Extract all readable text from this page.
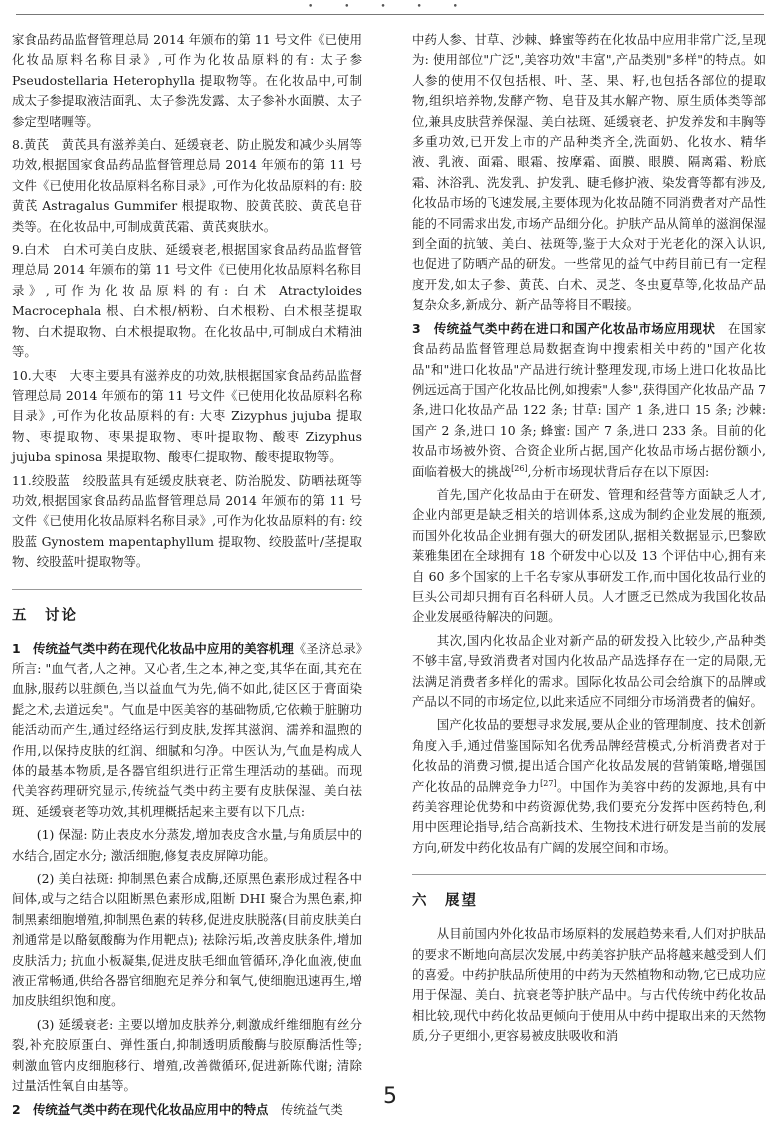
• • • • •

家食品药品监督管理总局 2014 年颁布的第 11 号文件《已使用化妆品原料名称目录》,可作为化妆品原料的有: 太子参 Pseudostellaria Heterophylla 提取物等。在化妆品中,可制成太子参提取液洁面乳、太子参洗发露、太子参补水面膜、太子参定型啫喱等。

8.黄芪　黄芪具有滋养美白、延缓衰老、防止脱发和减少头屑等功效,根据国家食品药品监督管理总局 2014 年颁布的第 11 号文件《已使用化妆品原料名称目录》,可作为化妆品原料的有: 胶黄芪 Astragalus Gummifer 根提取物、胶黄芪胶、黄芪皂苷类等。在化妆品中,可制成黄芪霜、黄芪爽肤水。

9.白术　白术可美白皮肤、延缓衰老,根据国家食品药品监督管理总局 2014 年颁布的第 11 号文件《已使用化妆品原料名称目录》,可作为化妆品原料的有: 白术 Atractyloides Macrocephala 根、白术根/柄粉、白术根粉、白术根茎提取物、白术提取物、白术根提取物。在化妆品中,可制成白术精油等。

10.大枣　大枣主要具有滋养皮的功效,肤根据国家食品药品监督管理总局 2014 年颁布的第 11 号文件《已使用化妆品原料名称目录》,可作为化妆品原料的有: 大枣 Zizyphus jujuba 提取物、枣提取物、枣果提取物、枣叶提取物、酸枣 Zizyphus jujuba spinosa 果提取物、酸枣仁提取物、酸枣提取物等。

11.绞股蓝　绞股蓝具有延缓皮肤衰老、防治脱发、防晒祛斑等功效,根据国家食品药品监督管理总局 2014 年颁布的第 11 号文件《已使用化妆品原料名称目录》,可作为化妆品原料的有: 绞股蓝 Gynostem mapentaphyllum 提取物、绞股蓝叶/茎提取物、绞股蓝叶提取物等。

五　讨论

1　传统益气类中药在现代化妆品中应用的美容机理《圣济总录》所言: "血气者,人之神。又心者,生之本,神之变,其华在面,其充在血脉,服药以驻颜色,当以益血气为先,倘不如此,徒区区于膏面染髭之术,去道远矣"。气血是中医美容的基础物质,它依赖于脏腑功能活动而产生,通过经络运行到皮肤,发挥其滋润、濡养和温煦的作用,以保持皮肤的红润、细腻和匀净。中医认为,气血是构成人体的最基本物质,是各器官组织进行正常生理活动的基础。而现代美容药理研究显示,传统益气类中药主要有皮肤保湿、美白祛斑、延缓衰老等功效,其机理概括起来主要有以下几点:

(1) 保湿: 防止表皮水分蒸发,增加表皮含水量,与角质层中的水结合,固定水分; 激活细胞,修复表皮屏障功能。

(2) 美白祛斑: 抑制黑色素合成酶,还原黑色素形成过程各中间体,或与之结合以阻断黑色素形成,阻断 DHI 聚合为黑色素,抑制黑素细胞增殖,抑制黑色素的转移,促进皮肤脱落(目前皮肤美白剂通常是以酪氨酸酶为作用靶点); 祛除污垢,改善皮肤条件,增加皮肤活力; 抗血小板凝集,促进皮肤毛细血管循环,净化血液,使血液正常畅通,供给各器官细胞充足养分和氧气,使细胞迅速再生,增加皮肤组织饱和度。

(3) 延缓衰老: 主要以增加皮肤养分,刺激成纤维细胞有丝分裂,补充胶原蛋白、弹性蛋白,抑制透明质酸酶与胶原酶活性等; 刺激血管内皮细胞移行、增殖,改善微循环,促进新陈代谢; 清除过量活性氧自由基等。

2　传统益气类中药在现代化妆品应用中的特点　 传统益气类

中药人参、甘草、沙棘、蜂蜜等药在化妆品中应用非常广泛,呈现为: 使用部位"广泛",美容功效"丰富",产品类别"多样"的特点。如人参的使用不仅包括根、叶、茎、果、籽,也包括各部位的提取物,组织培养物,发酵产物、皂苷及其水解产物、原生质体类等部位,兼具皮肤营养保湿、美白祛斑、延缓衰老、护发养发和丰胸等多重功效,已开发上市的产品种类齐全,洗面奶、化妆水、精华液、乳液、面霜、眼霜、按摩霜、面膜、眼膜、隔离霜、粉底霜、沐浴乳、洗发乳、护发乳、睫毛修护液、染发膏等都有涉及,化妆品市场的飞速发展,主要体现为化妆品随不同消费者对产品性能的不同需求出发,市场产品细分化。护肤产品从简单的滋润保湿到全面的抗皱、美白、祛斑等,鉴于大众对于光老化的深入认识,也促进了防晒产品的研发。一些常见的益气中药目前已有一定程度开发,如太子参、黄芪、白术、灵芝、冬虫夏草等,化妆品产品复杂众多,新成分、新产品等将目不暇接。

3　传统益气类中药在进口和国产化妆品市场应用现状　 在国家食品药品监督管理总局数据查询中搜索相关中药的"国产化妆品"和"进口化妆品"产品进行统计整理发现,市场上进口化妆品比例远远高于国产化妆品比例,如搜索"人参",获得国产化妆品产品 7 条,进口化妆品产品 122 条; 甘草: 国产 1 条,进口 15 条; 沙棘: 国产 2 条,进口 10 条; 蜂蜜: 国产 7 条,进口 233 条。目前的化妆品市场被外资、合资企业所占据,国产化妆品市场占据份额小,面临着极大的挑战[26],分析市场现状背后存在以下原因:

首先,国产化妆品由于在研发、管理和经营等方面缺乏人才,企业内部更是缺乏相关的培训体系,这成为制约企业发展的瓶颈,而国外化妆品企业拥有强大的研发团队,据相关数据显示,巴黎欧莱雅集团在全球拥有 18 个研发中心以及 13 个评估中心,拥有来自 60 多个国家的上千名专家从事研发工作,而中国化妆品行业的巨头公司却只拥有百名科研人员。人才匮乏已然成为我国化妆品企业发展亟待解决的问题。

其次,国内化妆品企业对新产品的研发投入比较少,产品种类不够丰富,导致消费者对国内化妆品产品选择存在一定的局限,无法满足消费者多样化的需求。国际化妆品公司会给旗下的品牌或产品以不同的市场定位,以此来适应不同细分市场消费者的偏好。

国产化妆品的要想寻求发展,要从企业的管理制度、技术创新角度入手,通过借鉴国际知名优秀品牌经营模式,分析消费者对于化妆品的消费习惯,提出适合国产化妆品发展的营销策略,增强国产化妆品的品牌竞争力[27]。中国作为美容中药的发源地,具有中药美容理论优势和中药资源优势,我们要充分发挥中医药特色,利用中医理论指导,结合高新技术、生物技术进行研发是当前的发展方向,研发中药化妆品有广阔的发展空间和市场。

六　展望

从目前国内外化妆品市场原料的发展趋势来看,人们对护肤品的要求不断地向高层次发展,中药美容护肤产品将越来越受到人们的喜爱。中药护肤品所使用的中药为天然植物和动物,它已成功应用于保湿、美白、抗衰老等护肤产品中。与古代传统中药化妆品相比较,现代中药化妆品更倾向于使用从中药中提取出来的天然物质,分子更细小,更容易被皮肤吸收和消

5
